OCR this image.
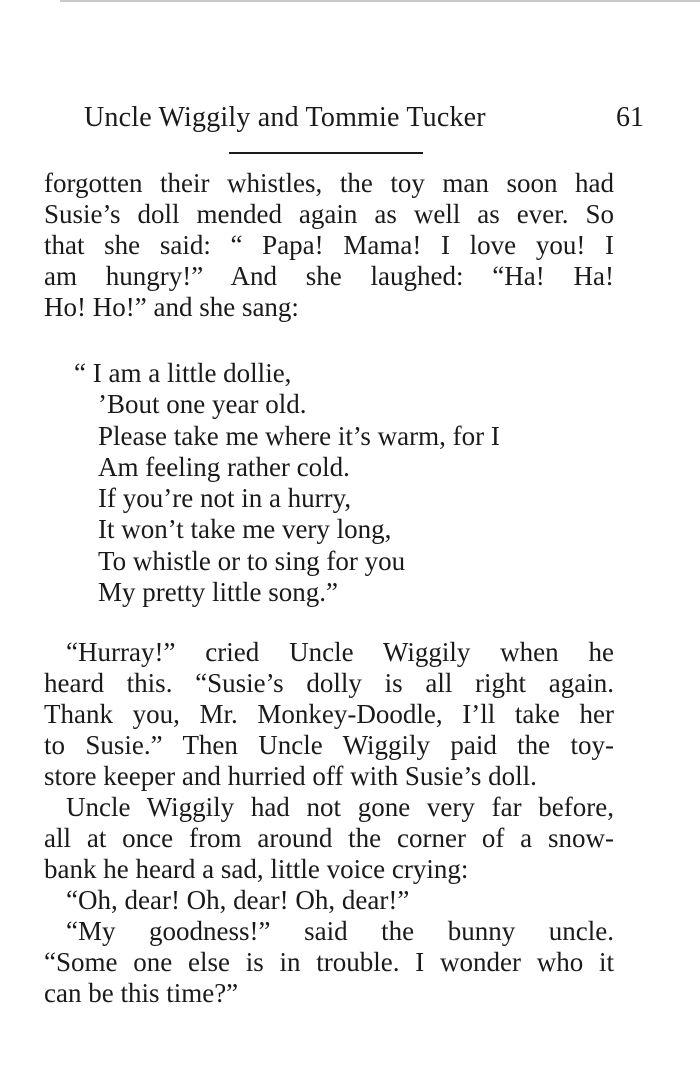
Uncle Wiggily and Tommie Tucker	61
forgotten their whistles, the toy man soon had
Susie’s doll mended again as well as ever. So
that she said: “ Papa! Mama! I love you! I
am hungry!” And she laughed: “Ha! Ha!
Ho! Ho!” and she sang:
“ I am a little dollie,
’Bout one year old.
Please take me where it’s warm, for I
Am feeling rather cold.
If you’re not in a hurry,
It won’t take me very long,
To whistle or to sing for you
My pretty little song.”
“Hurray!” cried Uncle Wiggily when he
heard this. “Susie’s dolly is all right again.
Thank you, Mr. Monkey-Doodle, I’ll take her
to Susie.” Then Uncle Wiggily paid the toy-
store keeper and hurried off with Susie’s doll.
Uncle Wiggily had not gone very far before,
all at once from around the corner of a snow-
bank he heard a sad, little voice crying:
“Oh, dear! Oh, dear! Oh, dear!”
“My goodness!” said the bunny uncle.
“Some one else is in trouble. I wonder who it
can be this time?”
